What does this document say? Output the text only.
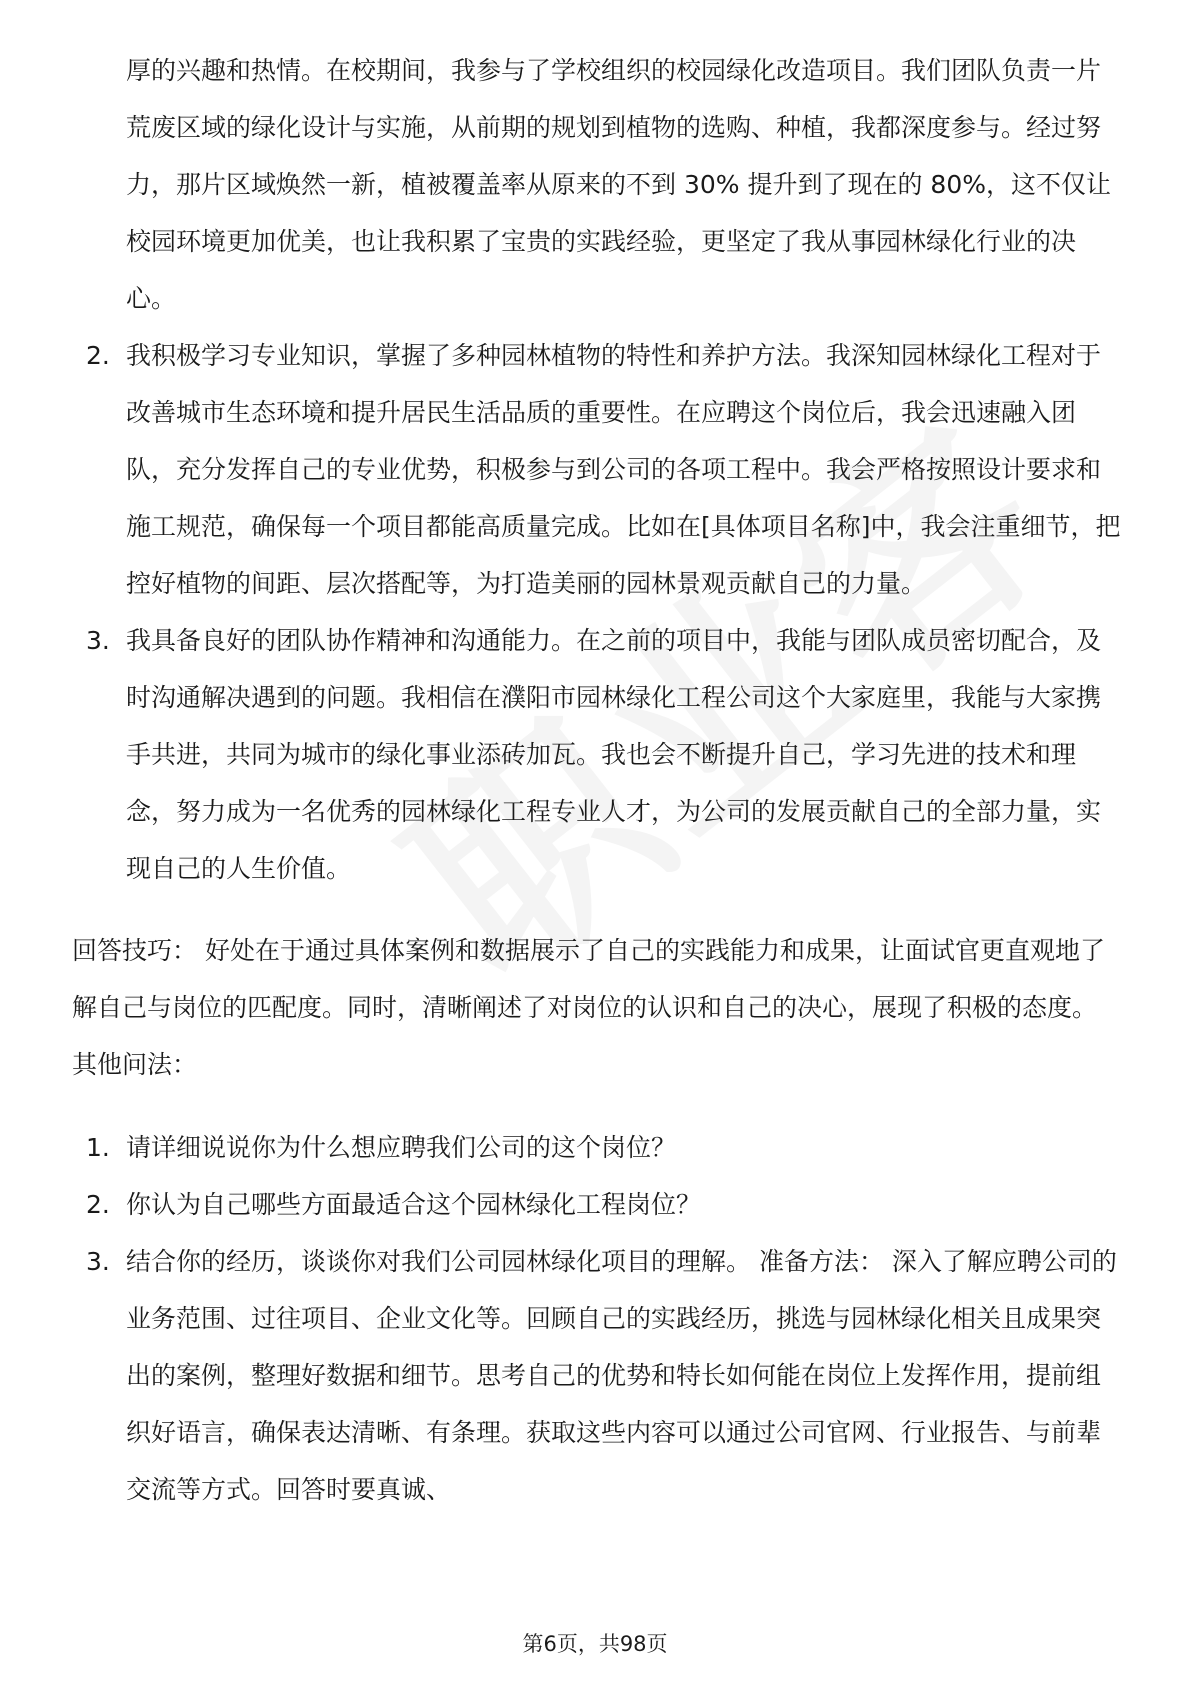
厚的兴趣和热情。在校期间，我参与了学校组织的校园绿化改造项目。我们团队负责一片荒废区域的绿化设计与实施，从前期的规划到植物的选购、种植，我都深度参与。经过努力，那片区域焕然一新，植被覆盖率从原来的不到 30% 提升到了现在的 80%，这不仅让校园环境更加优美，也让我积累了宝贵的实践经验，更坚定了我从事园林绿化行业的决心。

2. 我积极学习专业知识，掌握了多种园林植物的特性和养护方法。我深知园林绿化工程对于改善城市生态环境和提升居民生活品质的重要性。在应聘这个岗位后，我会迅速融入团队，充分发挥自己的专业优势，积极参与到公司的各项工程中。我会严格按照设计要求和施工规范，确保每一个项目都能高质量完成。比如在[具体项目名称]中，我会注重细节，把控好植物的间距、层次搭配等，为打造美丽的园林景观贡献自己的力量。
3. 我具备良好的团队协作精神和沟通能力。在之前的项目中，我能与团队成员密切配合，及时沟通解决遇到的问题。我相信在濮阳市园林绿化工程公司这个大家庭里，我能与大家携手共进，共同为城市的绿化事业添砖加瓦。我也会不断提升自己，学习先进的技术和理念，努力成为一名优秀的园林绿化工程专业人才，为公司的发展贡献自己的全部力量，实现自己的人生价值。

回答技巧： 好处在于通过具体案例和数据展示了自己的实践能力和成果，让面试官更直观地了解自己与岗位的匹配度。同时，清晰阐述了对岗位的认识和自己的决心，展现了积极的态度。 其他问法：

1. 请详细说说你为什么想应聘我们公司的这个岗位？
2. 你认为自己哪些方面最适合这个园林绿化工程岗位？
3. 结合你的经历，谈谈你对我们公司园林绿化项目的理解。 准备方法： 深入了解应聘公司的业务范围、过往项目、企业文化等。回顾自己的实践经历，挑选与园林绿化相关且成果突出的案例，整理好数据和细节。思考自己的优势和特长如何能在岗位上发挥作用，提前组织好语言，确保表达清晰、有条理。获取这些内容可以通过公司官网、行业报告、与前辈交流等方式。回答时要真诚、
第6页，共98页
